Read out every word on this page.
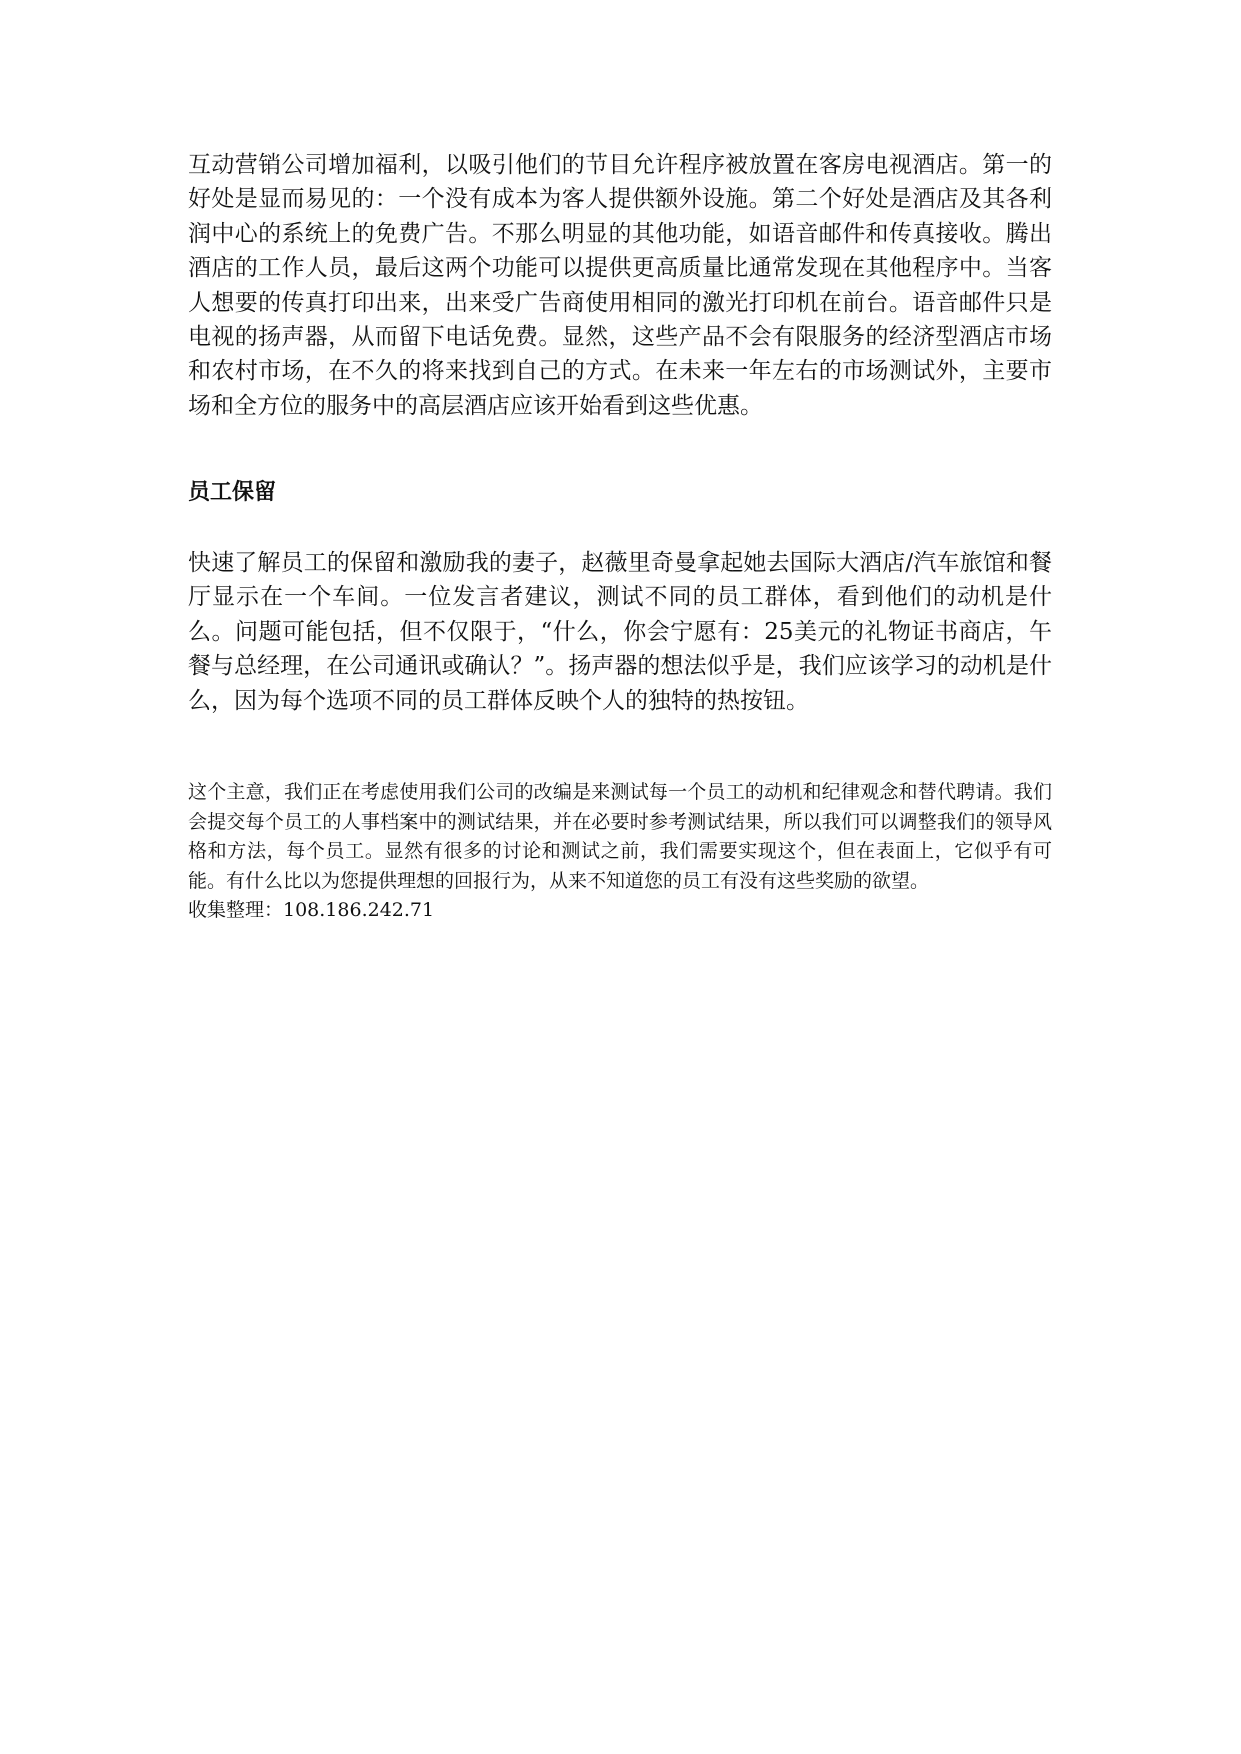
互动营销公司增加福利，以吸引他们的节目允许程序被放置在客房电视酒店。第一的好处是显而易见的：一个没有成本为客人提供额外设施。第二个好处是酒店及其各利润中心的系统上的免费广告。不那么明显的其他功能，如语音邮件和传真接收。腾出酒店的工作人员，最后这两个功能可以提供更高质量比通常发现在其他程序中。当客人想要的传真打印出来，出来受广告商使用相同的激光打印机在前台。语音邮件只是电视的扬声器，从而留下电话免费。显然，这些产品不会有限服务的经济型酒店市场和农村市场，在不久的将来找到自己的方式。在未来一年左右的市场测试外，主要市场和全方位的服务中的高层酒店应该开始看到这些优惠。

员工保留

快速了解员工的保留和激励我的妻子，赵薇里奇曼拿起她去国际大酒店/汽车旅馆和餐厅显示在一个车间。一位发言者建议，测试不同的员工群体，看到他们的动机是什么。问题可能包括，但不仅限于，“什么，你会宁愿有：25美元的礼物证书商店，午餐与总经理，在公司通讯或确认？”。扬声器的想法似乎是，我们应该学习的动机是什么，因为每个选项不同的员工群体反映个人的独特的热按钮。

这个主意，我们正在考虑使用我们公司的改编是来测试每一个员工的动机和纪律观念和替代聘请。我们会提交每个员工的人事档案中的测试结果，并在必要时参考测试结果，所以我们可以调整我们的领导风格和方法，每个员工。显然有很多的讨论和测试之前，我们需要实现这个，但在表面上，它似乎有可能。有什么比以为您提供理想的回报行为，从来不知道您的员工有没有这些奖励的欲望。

收集整理：108.186.242.71
